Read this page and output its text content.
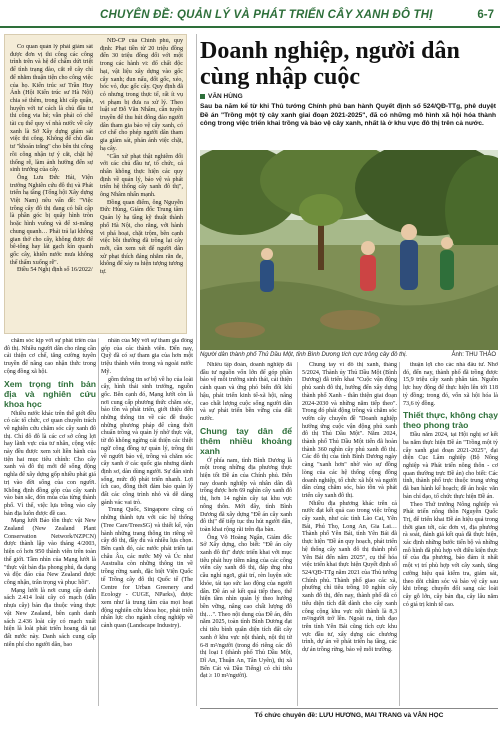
CHUYÊN ĐỀ: QUẢN LÝ VÀ PHÁT TRIỂN CÂY XANH ĐÔ THỊ	6-7

Co quan quản lý phải giám sát được đơn vị thi công các công trình trên và hệ để chấm dứt triệt để tình trạng đào, cắt rễ cây chỉ để nhằm thuận tiện cho công việc của họ. Kiến trúc sư Trần Huy Ánh (Hội Kiến trúc sư Hà Nội) chia sẻ thêm, trong khi cấp quận, huyện với tư cách là chủ đầu tư thi công via hè; vẫn phải có chế tài cụ thể quy ví nhà nước về cây xanh là Sở Xây dựng giám sát việc thi công. Không để chủ đầu tư "khoán trắng" cho bên thi công rồi công nhận tự ý cắt, chặt hệ thống rễ, làm ảnh hưởng đến sự sinh trưởng của cây.

Ông Lưu Đức Hải, Viện trưởng Nghiên cứu đô thị và Phát triển hạ tầng (Tổng hội Xây dựng Việt Nam) nêu vấn đề: "Việc trồng cây đô thị đang có bất cập là phần góc bị quây hình tròn hoặc hình vuông và để xi-măng chung quanh… Phải trả lại không gian thở cho cây, không được để bê-tông hay lát gạch kín quanh gốc cây, khiến nước mưa không thể thấm xuống rễ".

Điều 54 Nghị định số 16/2022/

NĐ-CP của Chính phủ, quy định: Phạt tiền từ 20 triệu đồng đến 30 triệu đồng đối với một trong các hành vi: đổ chất độc hại, vật liệu xây dựng vào gốc cây xanh; đun nấu, đốt gốc, xẻo, bóc vỏ, đục gốc cây. Quy định đã có nhưng trong thực tế, rất ít vụ vi phạm bị đưa ra xử lý. Theo luật sư Đỗ Văn Nhâm, cần tuyên truyền để thu hút đông đảo người dân tham gia bảo vệ cây xanh, có cơ chế cho phép người dân tham gia giám sát, phản ánh việc chặt, hạ cây.

"Cần xử phạt thật nghiêm đối với các chủ đầu tư, tổ chức, cá nhân không thực hiện các quy định về quản lý, bảo vệ và phát triển hệ thống cây xanh đô thị", ông Nhâm nhấn mạnh.

Đồng quan điểm, ông Nguyễn Đức Hùng, Giám đốc Trung tâm Quản lý hạ tầng kỹ thuật thành phố Hà Nội, cho rằng, với hành vi phá hoại, chặt trộm, bên cạnh việc bồi thường đã trồng lại cây mới, cần xem xét để người dân xử phạt thích đáng nhằm răn đe, không để xảy ra hiện tượng tương tự.

Doanh nghiệp, người dân cùng nhập cuộc
VĂN HÙNG
Sau ba năm kể từ khi Thủ tướng Chính phủ ban hành Quyết định số 524/QĐ-TTg, phê duyệt Đề án "Trồng một tỷ cây xanh giai đoạn 2021-2025", đã có những mô hình xã hội hóa thành công trong việc triển khai trồng và bảo vệ cây xanh, nhất là ở khu vực đô thị trên cả nước.
Người dân thành phố Thủ Dầu Một, tỉnh Bình Dương tích cực trồng cây đô thị.	Ảnh: THU THẢO

chăm sóc kịp với sự phát triển của đô thị. Nhiều người dân cho rằng cần cải thiện cơ chế, tăng cường tuyên truyền để nâng cao nhận thức trong cộng đồng xã hội.

Xem trọng tính bản địa và nghiên cứu khoa học

Nhiều nước khác trên thế giới đều có các tổ chức, cơ quan chuyên trách về nghiên cứu chăm sóc cây xanh đô thị. Chỉ đô đô là các cơ sở công lợi hay lãnh vực của tư nhân, cộng việc này đều được xem xét liền hành của tiện hai mục tiêu chính: Cho cây xanh và đô thị mới để sống động nghĩa để xây dựng gốp nhiều phát giá trị vào đời sống của con người. Không định đồng góp của cây xanh vào bản sắc, đón mùa của từng thành phố. Vì thế, việc lựa trồng vào cây bản địa luôn được đề cao.

Mạng lưới Bảo tồn thực vật New Zealand (New Zealand Plant Conservation Network/NZPCN) được thành lập vào tháng 4/2003, hiện có hơn 950 thành viên trên toàn thế giới. Tầm nhìn của Mạng lưới là "thực vật bản địa phong phú, đa dạng và độc đáo của New Zealand được công nhận, trân trọng và phục hồi".

Mạng lưới là nơi cung cấp danh sách 2.414 loài cây có mạch (dẫn nhựa cây) bản địa thuộc vùng thực vật New Zealand, bên cạnh danh sách 2.436 loài cây có mạch xuất hiện là loài phát triển hoang dã tại đất nước này. Danh sách cung cấp niên phí cho người dân, bao

nhân của Mỹ với sự tham gia đồng góp của các thành viên. Đến nay, Quỹ đã có sự tham gia của hơn một triệu thành viên trong và ngoài nước Mỹ.

gồm thông tin sơ bộ về họ của loài cây, hình thái sinh trưởng, nguồn gốc. Bên cạnh đó, Mạng lưới còn là nơi cung cấp phương thức chăm sóc, bảo tồn và phát triển, giới thiệu đến những thông tin về các đề thuộc những phương pháp để cùng thời chuẩn trồng và quản lý nhờ thực vật, từ đó không ngừng cải thiện các thiệt ngữ công đồng tự quản lý, trồng thi về người bảo vệ, trồng và chăm sóc cây xanh ở các quốc gia nhưng dành định sơ, dàn dùng người. Sự dân sinh sống, mức độ phát triển nhanh. Lợi ích cao, đồng thời đảm bảo quản lý đất các công trình nhỏ và dễ dàng gánh vác vai trò.

Trung Quốc, Singapore cũng có những thành tựu với các hệ thống (Tree Care/TreesSG) và thiết kế, vận hành những trang thông tin riêng về cây đô thị, đầy đủ và nhiều lựa chọn. Bên cạnh đó, các nước phát triển tại châu Âu, các nước Mỹ và Úc như Australia còn những thông tin về trồng rừng xanh, đặc biệt Viện Quốc tế Trồng cây đô thị Quốc tế (The Centre for Urban Greenery and Ecology - CUGE, NParks), được xem như là trung tâm của mọi hoạt động nghiên cứu khoa học, phát triển nhân lực cho ngành công nghiệp về cảnh quan (Landscape Industry).

Nhiều tập đoàn, doanh nghiệp đã đầu tư nguồn vốn lớn để góp phần bảo vệ môi trường sinh thái, cải thiện cảnh quan và ứng phó biến đổi khí hậu, phát triển kinh tế-xã hội, nâng cao chất lượng cuộc sống người dân và sự phát triển bền vững của đất nước.

Chung tay dân để thêm nhiều khoảng xanh

Ở phía nam, tỉnh Bình Dương là một trong những địa phương thực hiện tốt Đề án của Chính phủ. Đến nay doanh nghiệp và nhân dân đã trồng được hơn 69 nghìn cây xanh đô thị, hơn 14 nghìn cây tại khu vực nông thôn. Mới đây, tỉnh Bình Dương đã xây dựng "Đề án cây xanh đô thị" để tiếp tục thu hút người dân, toàn khai rộng rãi trên địa bàn.

Ông Võ Hoàng Ngân, Giám đốc Sở Xây dựng, cho biết: "Đề án cây xanh đô thị" được triển khai với mục tiêu phát huy tiềm năng của các công viên cây xanh đô thị, đáp ứng nhu cầu nghỉ ngơi, giải trí, rèn luyện sức khỏe, tái tạo sức lao động của người dân. Đề án sẽ kết quả tiếp theo, thể hiện tầm nhìn quản lý theo hướng bền vững, nâng cao chất lượng đô thị…". Theo nội dung của Đề án, đến năm 2025, toàn tỉnh Bình Dương đạt chỉ tiêu bình quân diện tích đất cây xanh ở khu vực nội thành, nội thị từ 6-8 m²/người (trong đó riêng các đô thị loại I (thành phố Thủ Dầu Một, Dĩ An, Thuận An, Tân Uyên), thị xã Bến Cát và Dầu Tiếng) có chỉ tiêu đạt ≥ 10 m²/người).

Chung tay vì đô thị xanh, tháng 5/2024, Thành ủy Thủ Dầu Một (Bình Dương) đã triển khai "Cuộc vận động phủ xanh đô thị, hướng đến xây dựng thành phố Xanh - thân thiện giai đoạn 2024-2030 và những năm tiếp theo". Trong đó phát động trồng và chăm sóc vườn cây chuyên đề "Doanh nghiệp hưởng ứng cuộc vận động phủ xanh đô thị Thủ Dầu Một". Năm 2024, thành phố Thủ Dầu Một tiến đã hoàn thành 360 nghìn cây phủ xanh đô thị. Các đô thị của tỉnh Bình Dương ngày càng "xanh hơn" nhờ vào sự đồng lòng của các hệ thống cộng đồng doanh nghiệp, tổ chức xã hội và người dân cùng chăm sóc, bảo tồn và phát triển cây xanh đô thị.

Nhiều địa phương khác trên cả nước đạt kết quả cao trong việc trồng cây xanh, như các tỉnh Lào Cai, Yên Bái, Phú Thọ, Long An, Gia Lai… Thành phố Yên Bái, tỉnh Yên Bái đã thực hiện "Đề án quy hoạch, phát triển hệ thống cây xanh đô thị thành phố Yên Bái đến năm 2025", cụ thể hóa việc triển khai thực hiện Quyết định số 524/QĐ-TTg năm 2021 của Thủ tướng Chính phủ. Thành phố giao các xã, phường chỉ tiêu trồng 10 nghìn cây xanh đô thị, đến nay, thành phố đã có tiểu diện tích đất dành cho cây xanh công cộng khu vực nội thành là 8,3 m²/người trở lên. Ngoài ra, tỉnh đạo trên tỉnh Yên Bái cũng tích cực khu vực đầu tư, xây dựng các chương trình, dự án về phát triển hạ tầng, các dự án trồng rừng, bảo vệ môi trường.

thuận lợi cho các nhà đầu tư. Nhờ đó, đến nay, thành phố đã trồng được 15,9 triệu cây xanh phân tán. Nguồn lực huy động để thực hiện lên tới 118 tỷ đồng; trong đó, vốn xã hội hóa là 73,6 tỷ đồng.

Thiết thực, không chạy theo phong trào

Đầu năm 2024, tại Hội nghị sơ kết ba năm thực hiện Đề án "Trồng một tỷ cây xanh giai đoạn 2021-2025", đại diện Cục Lâm nghiệp (Bộ Nông nghiệp và Phát triển nông thôn - cơ quan thường trực Đề án) cho biết: Các tỉnh, thành phố trực thuộc trung ương đã ban hành kế hoạch; đề án hoặc văn bản chỉ đạo, tổ chức thực hiện Đề án.

Theo Thứ trưởng Nông nghiệp và Phát triển nông thôn Nguyễn Quốc Trị, để triển khai Đề án hiệu quả trong thời gian tới, các đơn vị, địa phương rà soát, đánh giá kết quả đã thực hiện, xác định những bước tiến bộ và những mô hình đã phù hợp với điều kiện thực tế của địa phương, bảo đảm ít nhất một vị trí phù hợp với cây xanh, tăng cường hiệu quả kiểm tra, giám sát, theo dõi chăm sóc và bảo vệ cây sau khi trồng; chuyển đổi sang các loài cây gỗ lớn, cây bản địa, cây lâu năm có giá trị kinh tế cao.

Tổ chức chuyên đề: LƯU HƯƠNG, MAI TRANG và VÂN HỌC
